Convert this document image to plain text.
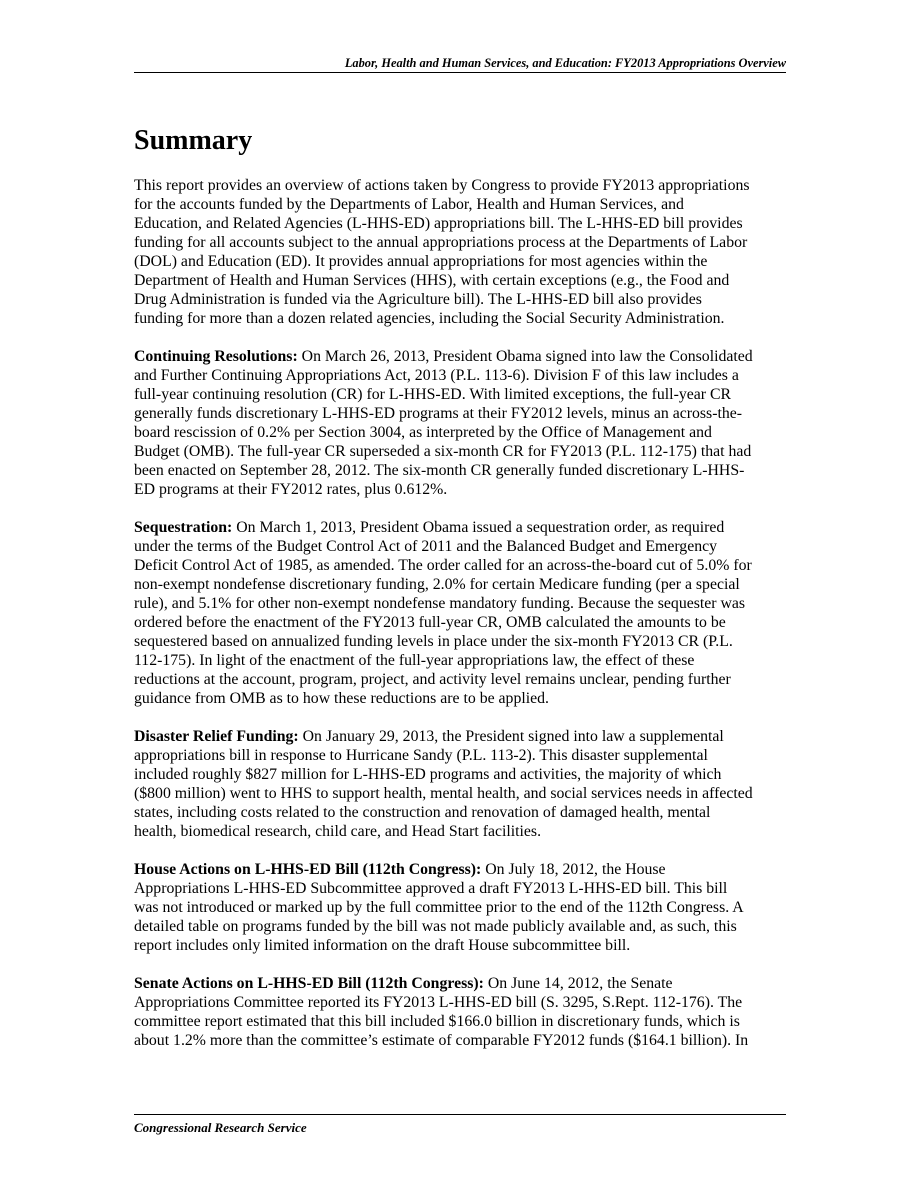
Labor, Health and Human Services, and Education: FY2013 Appropriations Overview
Summary

This report provides an overview of actions taken by Congress to provide FY2013 appropriations
for the accounts funded by the Departments of Labor, Health and Human Services, and
Education, and Related Agencies (L-HHS-ED) appropriations bill. The L-HHS-ED bill provides
funding for all accounts subject to the annual appropriations process at the Departments of Labor
(DOL) and Education (ED). It provides annual appropriations for most agencies within the
Department of Health and Human Services (HHS), with certain exceptions (e.g., the Food and
Drug Administration is funded via the Agriculture bill). The L-HHS-ED bill also provides
funding for more than a dozen related agencies, including the Social Security Administration.

Continuing Resolutions: On March 26, 2013, President Obama signed into law the Consolidated
and Further Continuing Appropriations Act, 2013 (P.L. 113-6). Division F of this law includes a
full-year continuing resolution (CR) for L-HHS-ED. With limited exceptions, the full-year CR
generally funds discretionary L-HHS-ED programs at their FY2012 levels, minus an across-the-
board rescission of 0.2% per Section 3004, as interpreted by the Office of Management and
Budget (OMB). The full-year CR superseded a six-month CR for FY2013 (P.L. 112-175) that had
been enacted on September 28, 2012. The six-month CR generally funded discretionary L-HHS-
ED programs at their FY2012 rates, plus 0.612%.

Sequestration: On March 1, 2013, President Obama issued a sequestration order, as required
under the terms of the Budget Control Act of 2011 and the Balanced Budget and Emergency
Deficit Control Act of 1985, as amended. The order called for an across-the-board cut of 5.0% for
non-exempt nondefense discretionary funding, 2.0% for certain Medicare funding (per a special
rule), and 5.1% for other non-exempt nondefense mandatory funding. Because the sequester was
ordered before the enactment of the FY2013 full-year CR, OMB calculated the amounts to be
sequestered based on annualized funding levels in place under the six-month FY2013 CR (P.L.
112-175). In light of the enactment of the full-year appropriations law, the effect of these
reductions at the account, program, project, and activity level remains unclear, pending further
guidance from OMB as to how these reductions are to be applied.

Disaster Relief Funding: On January 29, 2013, the President signed into law a supplemental
appropriations bill in response to Hurricane Sandy (P.L. 113-2). This disaster supplemental
included roughly $827 million for L-HHS-ED programs and activities, the majority of which
($800 million) went to HHS to support health, mental health, and social services needs in affected
states, including costs related to the construction and renovation of damaged health, mental
health, biomedical research, child care, and Head Start facilities.

House Actions on L-HHS-ED Bill (112th Congress): On July 18, 2012, the House
Appropriations L-HHS-ED Subcommittee approved a draft FY2013 L-HHS-ED bill. This bill
was not introduced or marked up by the full committee prior to the end of the 112th Congress. A
detailed table on programs funded by the bill was not made publicly available and, as such, this
report includes only limited information on the draft House subcommittee bill.

Senate Actions on L-HHS-ED Bill (112th Congress): On June 14, 2012, the Senate
Appropriations Committee reported its FY2013 L-HHS-ED bill (S. 3295, S.Rept. 112-176). The
committee report estimated that this bill included $166.0 billion in discretionary funds, which is
about 1.2% more than the committee’s estimate of comparable FY2012 funds ($164.1 billion). In

Congressional Research Service
